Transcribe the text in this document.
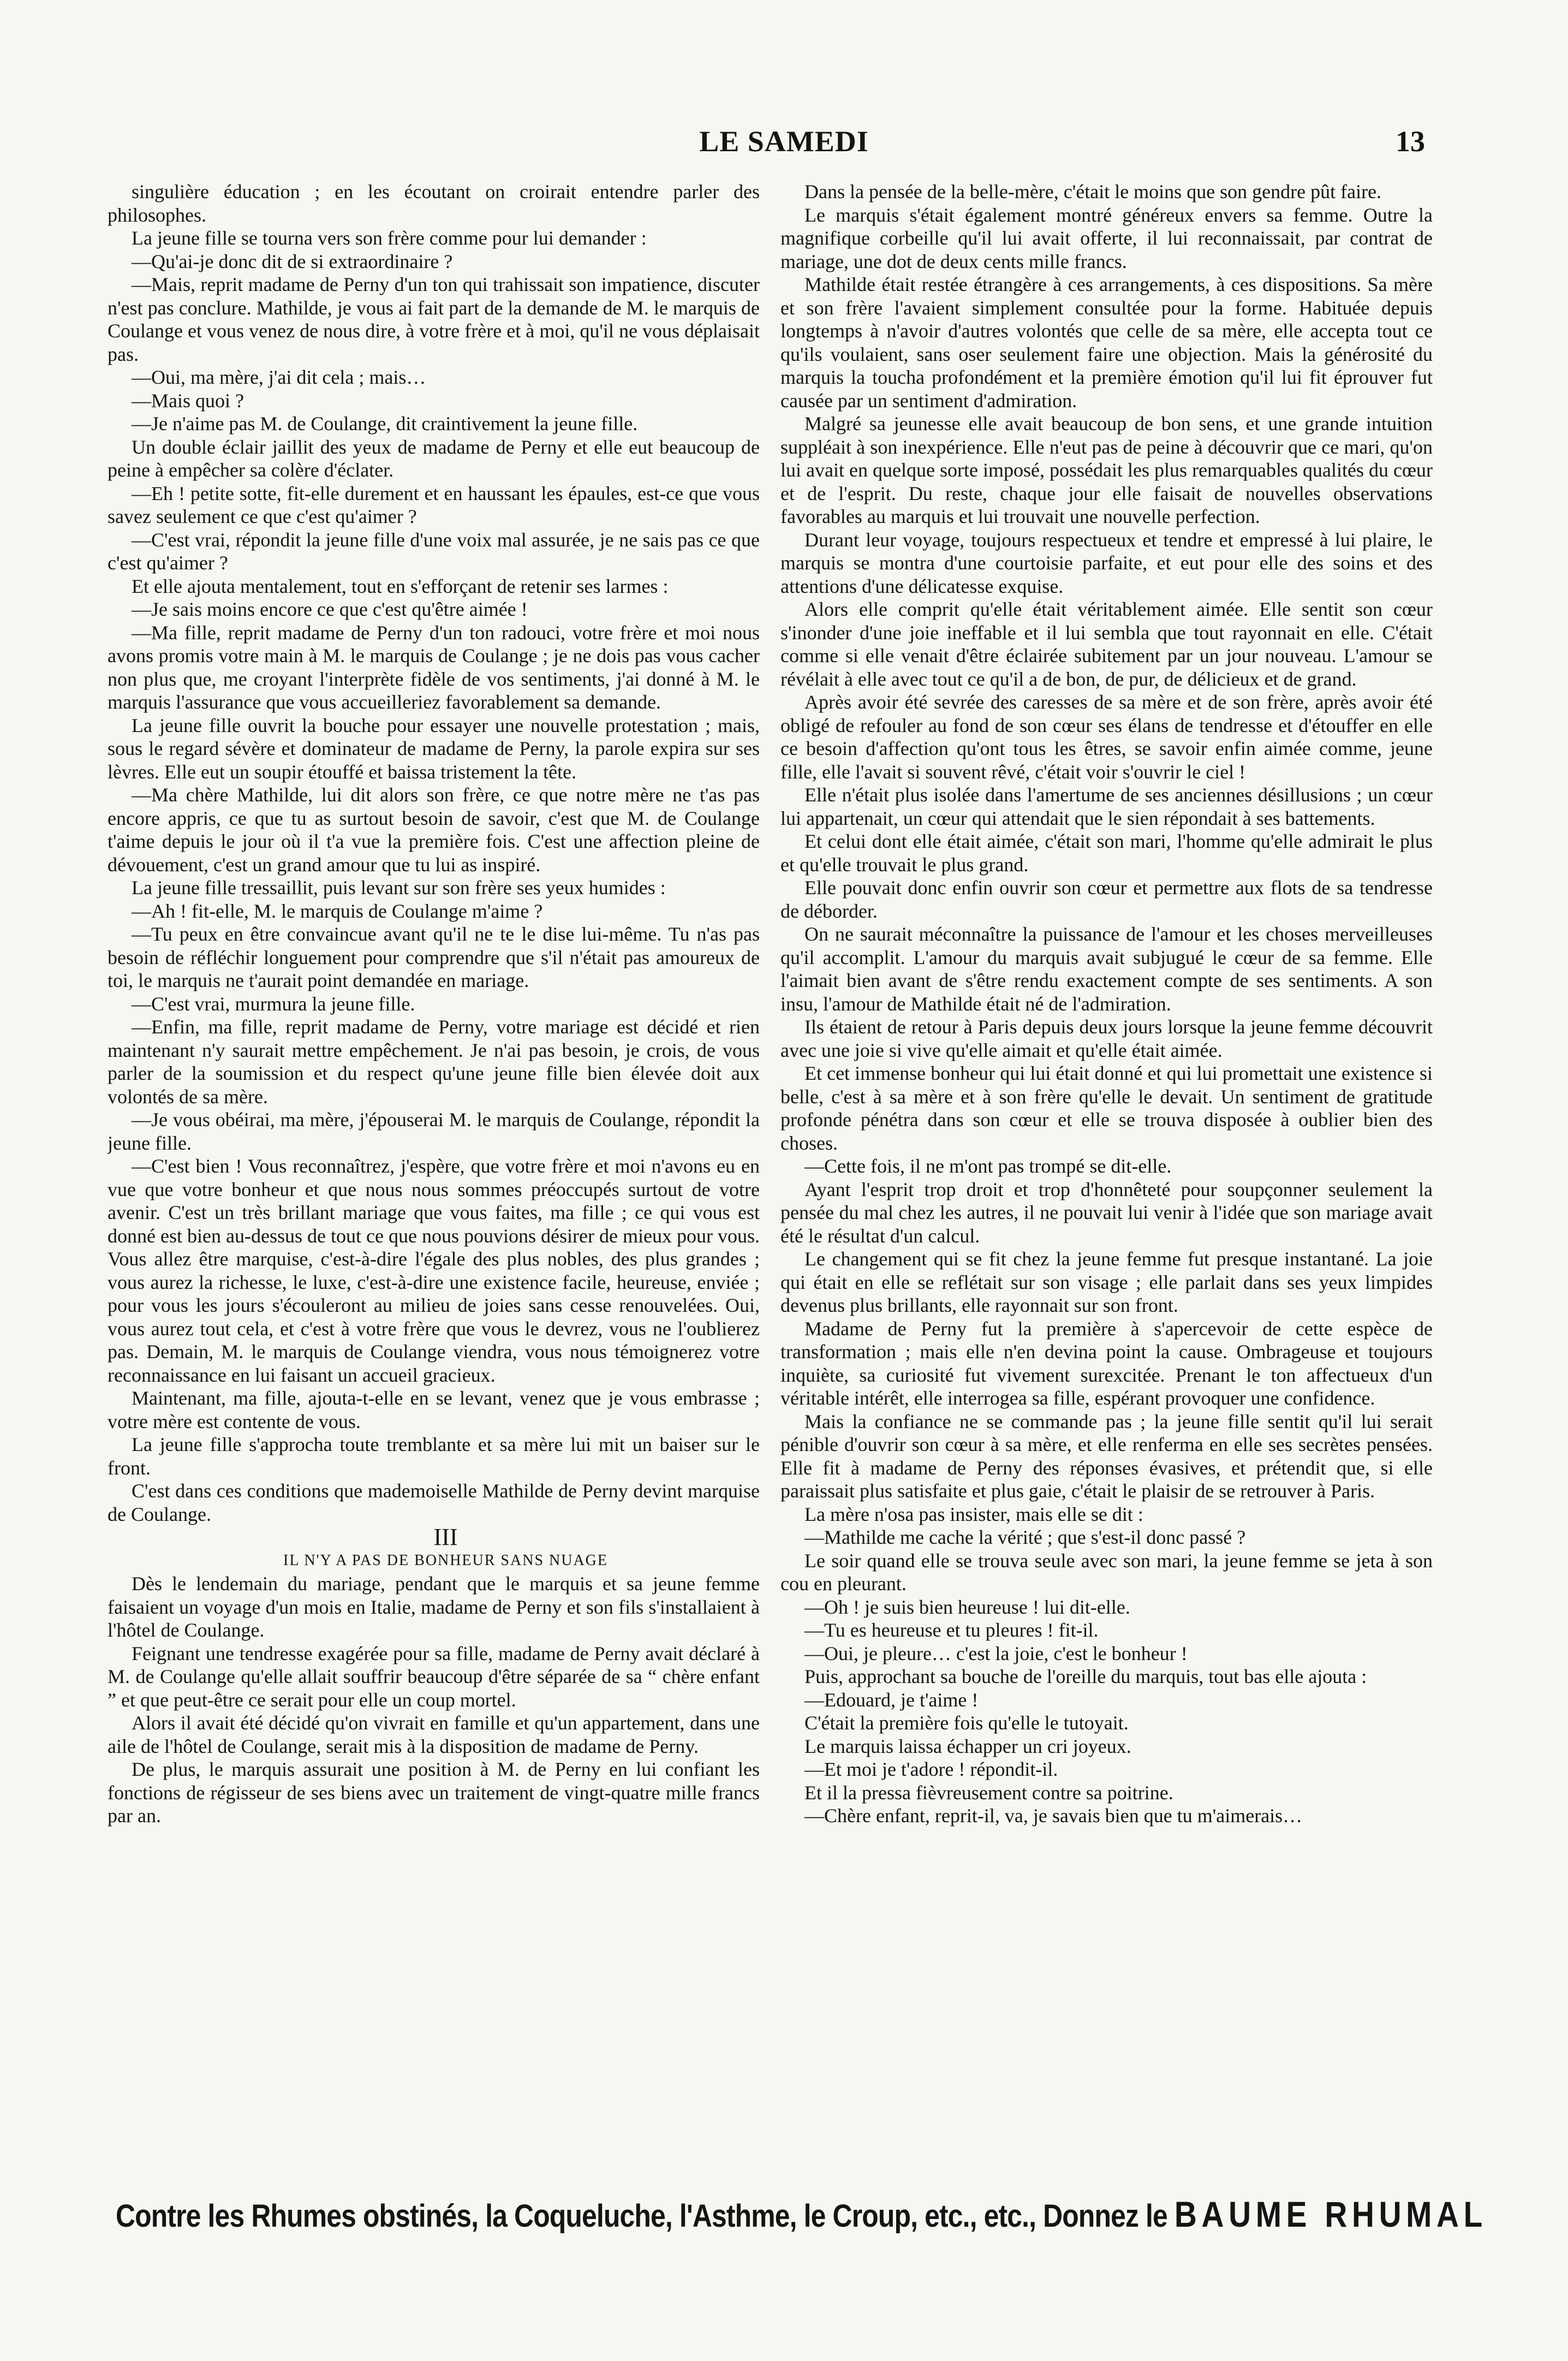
LE SAMEDI	13

singulière éducation ; en les écoutant on croirait entendre parler des philosophes.

La jeune fille se tourna vers son frère comme pour lui demander :

—Qu'ai-je donc dit de si extraordinaire ?

—Mais, reprit madame de Perny d'un ton qui trahissait son impatience, discuter n'est pas conclure. Mathilde, je vous ai fait part de la demande de M. le marquis de Coulange et vous venez de nous dire, à votre frère et à moi, qu'il ne vous déplaisait pas.

—Oui, ma mère, j'ai dit cela ; mais…

—Mais quoi ?

—Je n'aime pas M. de Coulange, dit craintivement la jeune fille.

Un double éclair jaillit des yeux de madame de Perny et elle eut beaucoup de peine à empêcher sa colère d'éclater.

—Eh ! petite sotte, fit-elle durement et en haussant les épaules, est-ce que vous savez seulement ce que c'est qu'aimer ?

—C'est vrai, répondit la jeune fille d'une voix mal assurée, je ne sais pas ce que c'est qu'aimer ?

Et elle ajouta mentalement, tout en s'efforçant de retenir ses larmes :

—Je sais moins encore ce que c'est qu'être aimée !

—Ma fille, reprit madame de Perny d'un ton radouci, votre frère et moi nous avons promis votre main à M. le marquis de Coulange ; je ne dois pas vous cacher non plus que, me croyant l'interprète fidèle de vos sentiments, j'ai donné à M. le marquis l'assurance que vous accueilleriez favorablement sa demande.

La jeune fille ouvrit la bouche pour essayer une nouvelle protestation ; mais, sous le regard sévère et dominateur de madame de Perny, la parole expira sur ses lèvres. Elle eut un soupir étouffé et baissa tristement la tête.

—Ma chère Mathilde, lui dit alors son frère, ce que notre mère ne t'as pas encore appris, ce que tu as surtout besoin de savoir, c'est que M. de Coulange t'aime depuis le jour où il t'a vue la première fois. C'est une affection pleine de dévouement, c'est un grand amour que tu lui as inspiré.

La jeune fille tressaillit, puis levant sur son frère ses yeux humides :

—Ah ! fit-elle, M. le marquis de Coulange m'aime ?

—Tu peux en être convaincue avant qu'il ne te le dise lui-même. Tu n'as pas besoin de réfléchir longuement pour comprendre que s'il n'était pas amoureux de toi, le marquis ne t'aurait point demandée en mariage.

—C'est vrai, murmura la jeune fille.

—Enfin, ma fille, reprit madame de Perny, votre mariage est décidé et rien maintenant n'y saurait mettre empêchement. Je n'ai pas besoin, je crois, de vous parler de la soumission et du respect qu'une jeune fille bien élevée doit aux volontés de sa mère.

—Je vous obéirai, ma mère, j'épouserai M. le marquis de Coulange, répondit la jeune fille.

—C'est bien ! Vous reconnaîtrez, j'espère, que votre frère et moi n'avons eu en vue que votre bonheur et que nous nous sommes préoccupés surtout de votre avenir. C'est un très brillant mariage que vous faites, ma fille ; ce qui vous est donné est bien au-dessus de tout ce que nous pouvions désirer de mieux pour vous. Vous allez être marquise, c'est-à-dire l'égale des plus nobles, des plus grandes ; vous aurez la richesse, le luxe, c'est-à-dire une existence facile, heureuse, enviée ; pour vous les jours s'écouleront au milieu de joies sans cesse renouvelées. Oui, vous aurez tout cela, et c'est à votre frère que vous le devrez, vous ne l'oublierez pas. Demain, M. le marquis de Coulange viendra, vous nous témoignerez votre reconnaissance en lui faisant un accueil gracieux.

Maintenant, ma fille, ajouta-t-elle en se levant, venez que je vous embrasse ; votre mère est contente de vous.

La jeune fille s'approcha toute tremblante et sa mère lui mit un baiser sur le front.

C'est dans ces conditions que mademoiselle Mathilde de Perny devint marquise de Coulange.

III

IL N'Y A PAS DE BONHEUR SANS NUAGE

Dès le lendemain du mariage, pendant que le marquis et sa jeune femme faisaient un voyage d'un mois en Italie, madame de Perny et son fils s'installaient à l'hôtel de Coulange.

Feignant une tendresse exagérée pour sa fille, madame de Perny avait déclaré à M. de Coulange qu'elle allait souffrir beaucoup d'être séparée de sa “ chère enfant ” et que peut-être ce serait pour elle un coup mortel.

Alors il avait été décidé qu'on vivrait en famille et qu'un appartement, dans une aile de l'hôtel de Coulange, serait mis à la disposition de madame de Perny.

De plus, le marquis assurait une position à M. de Perny en lui confiant les fonctions de régisseur de ses biens avec un traitement de vingt-quatre mille francs par an.

Dans la pensée de la belle-mère, c'était le moins que son gendre pût faire.

Le marquis s'était également montré généreux envers sa femme. Outre la magnifique corbeille qu'il lui avait offerte, il lui reconnaissait, par contrat de mariage, une dot de deux cents mille francs.

Mathilde était restée étrangère à ces arrangements, à ces dispositions. Sa mère et son frère l'avaient simplement consultée pour la forme. Habituée depuis longtemps à n'avoir d'autres volontés que celle de sa mère, elle accepta tout ce qu'ils voulaient, sans oser seulement faire une objection. Mais la générosité du marquis la toucha profondément et la première émotion qu'il lui fit éprouver fut causée par un sentiment d'admiration.

Malgré sa jeunesse elle avait beaucoup de bon sens, et une grande intuition suppléait à son inexpérience. Elle n'eut pas de peine à découvrir que ce mari, qu'on lui avait en quelque sorte imposé, possédait les plus remarquables qualités du cœur et de l'esprit. Du reste, chaque jour elle faisait de nouvelles observations favorables au marquis et lui trouvait une nouvelle perfection.

Durant leur voyage, toujours respectueux et tendre et empressé à lui plaire, le marquis se montra d'une courtoisie parfaite, et eut pour elle des soins et des attentions d'une délicatesse exquise.

Alors elle comprit qu'elle était véritablement aimée. Elle sentit son cœur s'inonder d'une joie ineffable et il lui sembla que tout rayonnait en elle. C'était comme si elle venait d'être éclairée subitement par un jour nouveau. L'amour se révélait à elle avec tout ce qu'il a de bon, de pur, de délicieux et de grand.

Après avoir été sevrée des caresses de sa mère et de son frère, après avoir été obligé de refouler au fond de son cœur ses élans de tendresse et d'étouffer en elle ce besoin d'affection qu'ont tous les êtres, se savoir enfin aimée comme, jeune fille, elle l'avait si souvent rêvé, c'était voir s'ouvrir le ciel !

Elle n'était plus isolée dans l'amertume de ses anciennes désillusions ; un cœur lui appartenait, un cœur qui attendait que le sien répondait à ses battements.

Et celui dont elle était aimée, c'était son mari, l'homme qu'elle admirait le plus et qu'elle trouvait le plus grand.

Elle pouvait donc enfin ouvrir son cœur et permettre aux flots de sa tendresse de déborder.

On ne saurait méconnaître la puissance de l'amour et les choses merveilleuses qu'il accomplit. L'amour du marquis avait subjugué le cœur de sa femme. Elle l'aimait bien avant de s'être rendu exactement compte de ses sentiments. A son insu, l'amour de Mathilde était né de l'admiration.

Ils étaient de retour à Paris depuis deux jours lorsque la jeune femme découvrit avec une joie si vive qu'elle aimait et qu'elle était aimée.

Et cet immense bonheur qui lui était donné et qui lui promettait une existence si belle, c'est à sa mère et à son frère qu'elle le devait. Un sentiment de gratitude profonde pénétra dans son cœur et elle se trouva disposée à oublier bien des choses.

—Cette fois, il ne m'ont pas trompé se dit-elle.

Ayant l'esprit trop droit et trop d'honnêteté pour soupçonner seulement la pensée du mal chez les autres, il ne pouvait lui venir à l'idée que son mariage avait été le résultat d'un calcul.

Le changement qui se fit chez la jeune femme fut presque instantané. La joie qui était en elle se reflétait sur son visage ; elle parlait dans ses yeux limpides devenus plus brillants, elle rayonnait sur son front.

Madame de Perny fut la première à s'apercevoir de cette espèce de transformation ; mais elle n'en devina point la cause. Ombrageuse et toujours inquiète, sa curiosité fut vivement surexcitée. Prenant le ton affectueux d'un véritable intérêt, elle interrogea sa fille, espérant provoquer une confidence.

Mais la confiance ne se commande pas ; la jeune fille sentit qu'il lui serait pénible d'ouvrir son cœur à sa mère, et elle renferma en elle ses secrètes pensées. Elle fit à madame de Perny des réponses évasives, et prétendit que, si elle paraissait plus satisfaite et plus gaie, c'était le plaisir de se retrouver à Paris.

La mère n'osa pas insister, mais elle se dit :

—Mathilde me cache la vérité ; que s'est-il donc passé ?

Le soir quand elle se trouva seule avec son mari, la jeune femme se jeta à son cou en pleurant.

—Oh ! je suis bien heureuse ! lui dit-elle.

—Tu es heureuse et tu pleures ! fit-il.

—Oui, je pleure… c'est la joie, c'est le bonheur !

Puis, approchant sa bouche de l'oreille du marquis, tout bas elle ajouta :

—Edouard, je t'aime !

C'était la première fois qu'elle le tutoyait.

Le marquis laissa échapper un cri joyeux.

—Et moi je t'adore ! répondit-il.

Et il la pressa fièvreusement contre sa poitrine.

—Chère enfant, reprit-il, va, je savais bien que tu m'aimerais…

Contre les Rhumes obstinés, la Coqueluche, l'Asthme, le Croup, etc., etc., Donnez le BAUME RHUMAL
